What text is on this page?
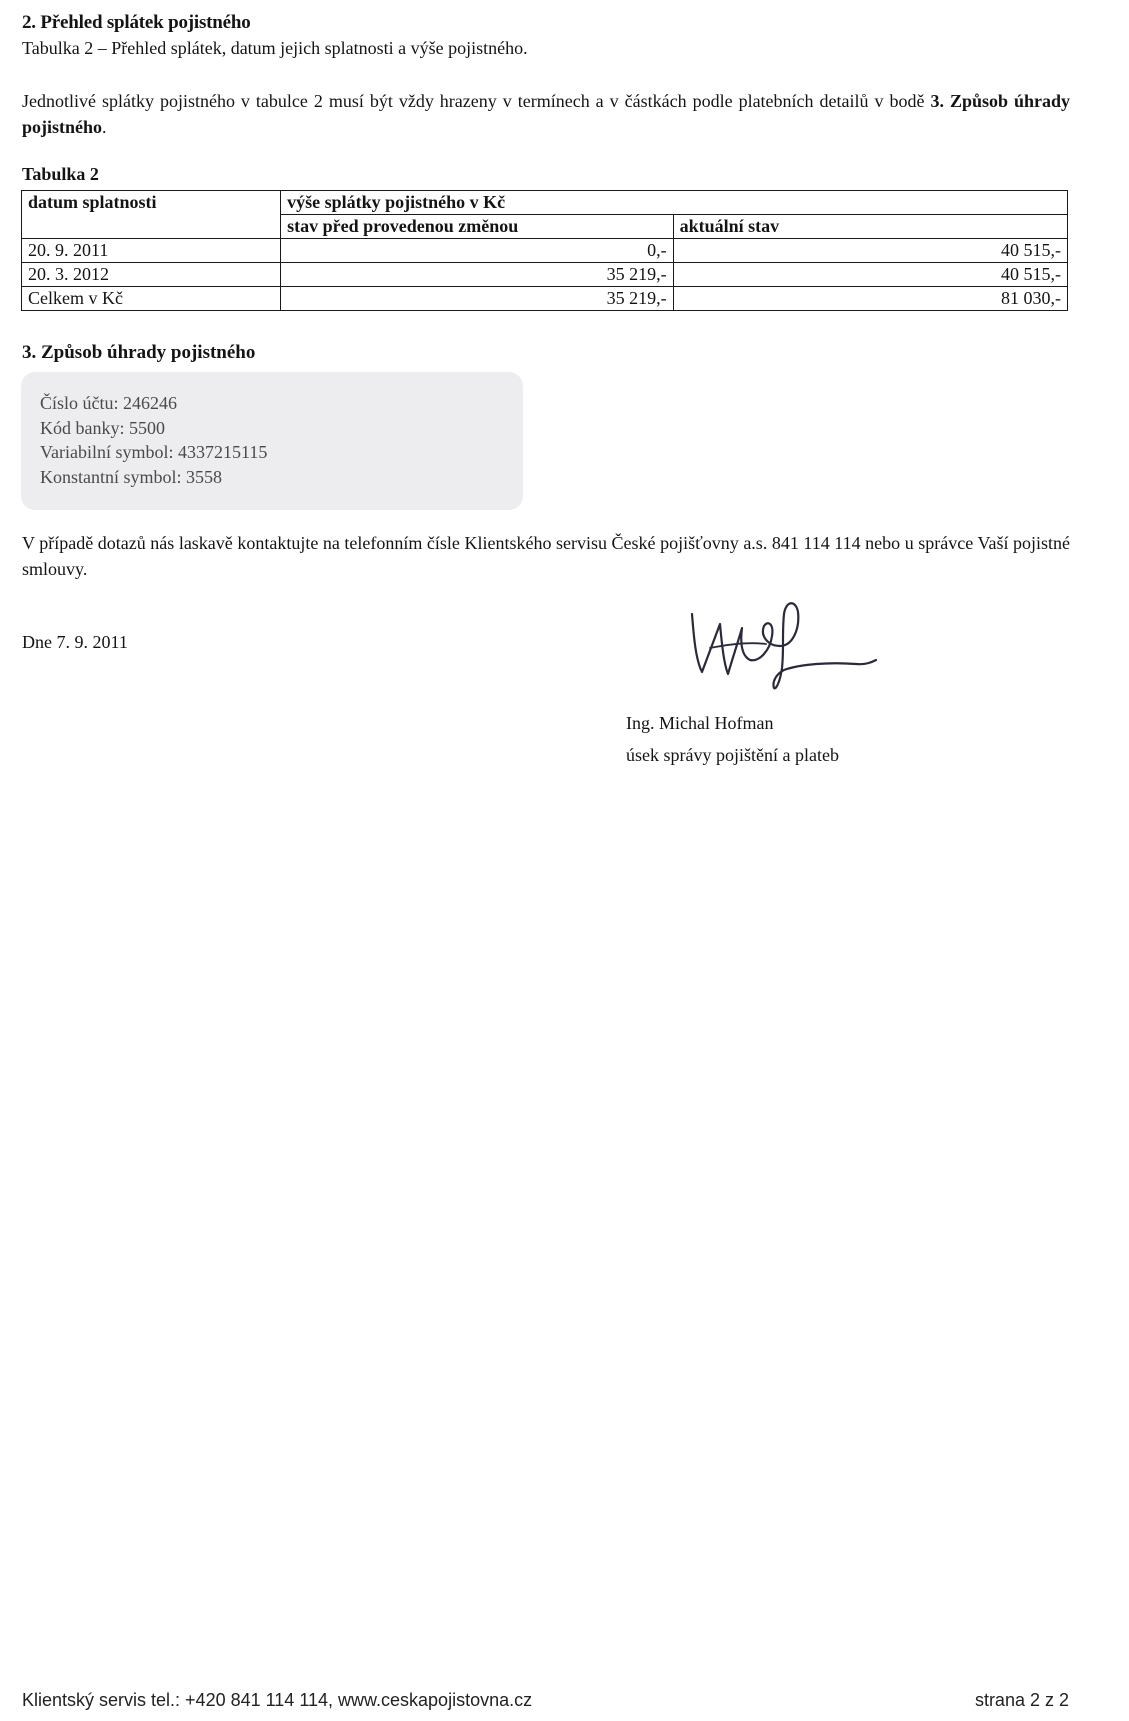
2. Přehled splátek pojistného
Tabulka 2 – Přehled splátek, datum jejich splatnosti a výše pojistného.
Jednotlivé splátky pojistného v tabulce 2 musí být vždy hrazeny v termínech a v částkách podle platebních detailů v bodě 3. Způsob úhrady pojistného.
Tabulka 2
datum splatnosti	výše splátky pojistného v Kč	
	stav před provedenou změnou	aktuální stav
20. 9. 2011	0,-	40 515,-
20. 3. 2012	35 219,-	40 515,-
Celkem v Kč	35 219,-	81 030,-
3. Způsob úhrady pojistného
Číslo účtu: 246246
Kód banky: 5500
Variabilní symbol: 4337215115
Konstantní symbol: 3558
V případě dotazů nás laskavě kontaktujte na telefonním čísle Klientského servisu České pojišťovny a.s. 841 114 114 nebo u správce Vaší pojistné smlouvy.
Dne 7. 9. 2011
Ing. Michal Hofman
úsek správy pojištění a plateb
Klientský servis tel.: +420 841 114 114, www.ceskapojistovna.cz	strana 2 z 2
